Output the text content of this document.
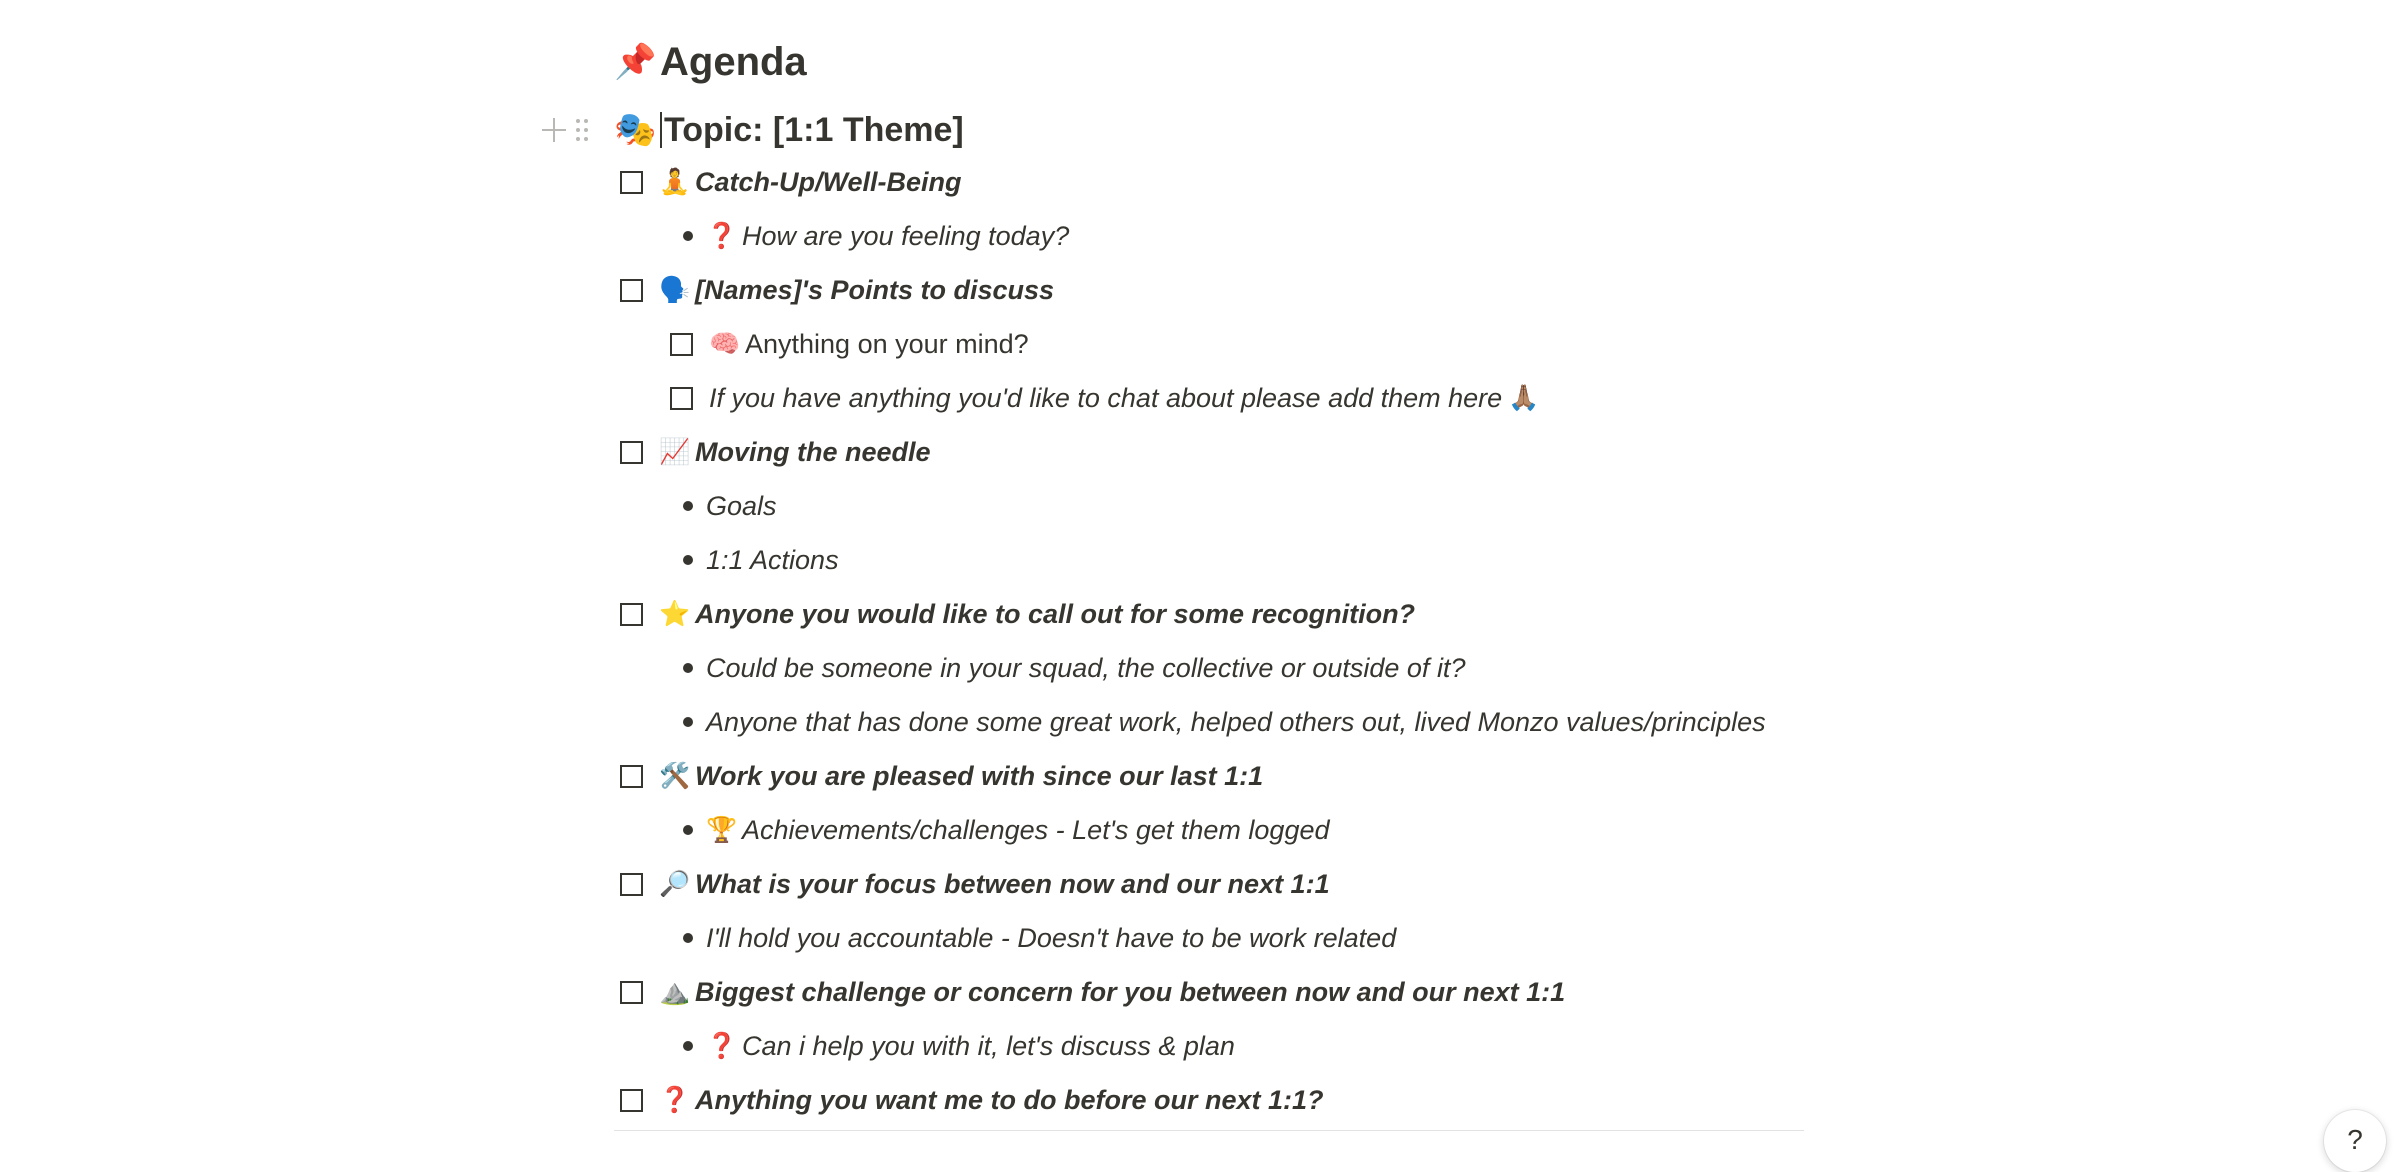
📌 Agenda
🎭 Topic: [1:1 Theme]
🧘 Catch-Up/Well-Being
❓ How are you feeling today?
🗣️ [Names]'s Points to discuss
🧠 Anything on your mind?
If you have anything you'd like to chat about please add them here 🙏🏽
📈 Moving the needle
Goals
1:1 Actions
⭐ Anyone you would like to call out for some recognition?
Could be someone in your squad, the collective or outside of it?
Anyone that has done some great work, helped others out, lived Monzo values/principles
🛠️ Work you are pleased with since our last 1:1
🏆 Achievements/challenges - Let's get them logged
🔎 What is your focus between now and our next 1:1
I'll hold you accountable - Doesn't have to be work related
⛰️ Biggest challenge or concern for you between now and our next 1:1
❓ Can i help you with it, let's discuss & plan
❓ Anything you want me to do before our next 1:1?
?
